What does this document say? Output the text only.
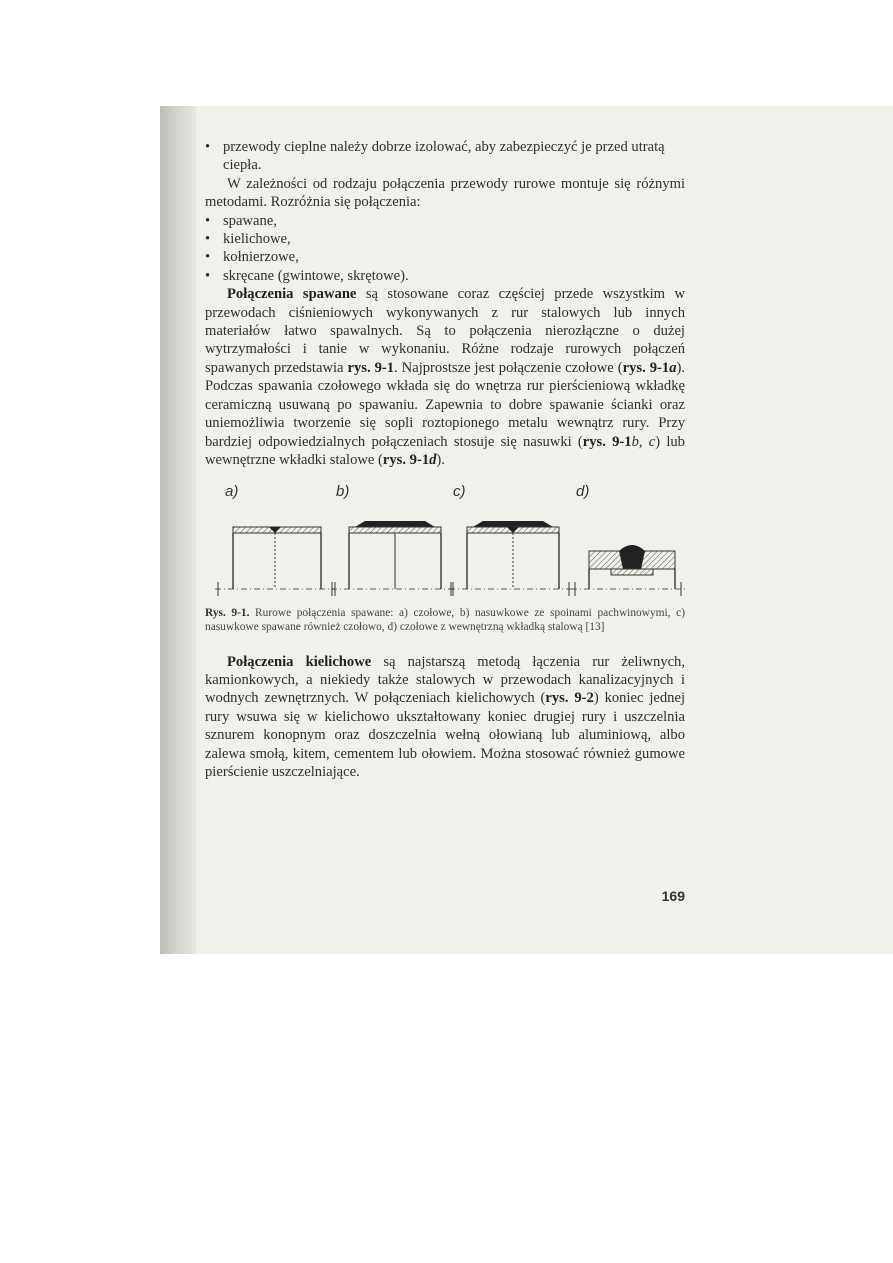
• przewody cieplne należy dobrze izolować, aby zabezpieczyć je przed utratą ciepła.
W zależności od rodzaju połączenia przewody rurowe montuje się różnymi metodami. Rozróżnia się połączenia:
• spawane,
• kielichowe,
• kołnierzowe,
• skręcane (gwintowe, skrętowe).
Połączenia spawane są stosowane coraz częściej przede wszystkim w przewodach ciśnieniowych wykonywanych z rur stalowych lub innych materiałów łatwo spawalnych. Są to połączenia nierozłączne o dużej wytrzymałości i tanie w wykonaniu. Różne rodzaje rurowych połączeń spawanych przedstawia rys. 9-1. Najprostsze jest połączenie czołowe (rys. 9-1a). Podczas spawania czołowego wkłada się do wnętrza rur pierścieniową wkładkę ceramiczną usuwaną po spawaniu. Zapewnia to dobre spawanie ścianki oraz uniemożliwia tworzenie się sopli roztopionego metalu wewnątrz rury. Przy bardziej odpowiedzialnych połączeniach stosuje się nasuwki (rys. 9-1b, c) lub wewnętrzne wkładki stalowe (rys. 9-1d).
a)	b)	c)	d)
Rys. 9-1. Rurowe połączenia spawane: a) czołowe, b) nasuwkowe ze spoinami pachwinowymi, c) nasuwkowe spawane również czołowo, d) czołowe z wewnętrzną wkładką stalową [13]
Połączenia kielichowe są najstarszą metodą łączenia rur żeliwnych, kamionkowych, a niekiedy także stalowych w przewodach kanalizacyjnych i wodnych zewnętrznych. W połączeniach kielichowych (rys. 9-2) koniec jednej rury wsuwa się w kielichowo ukształtowany koniec drugiej rury i uszczelnia sznurem konopnym oraz doszczelnia wełną ołowianą lub aluminiową, albo zalewa smołą, kitem, cementem lub ołowiem. Można stosować również gumowe pierścienie uszczelniające.
169
